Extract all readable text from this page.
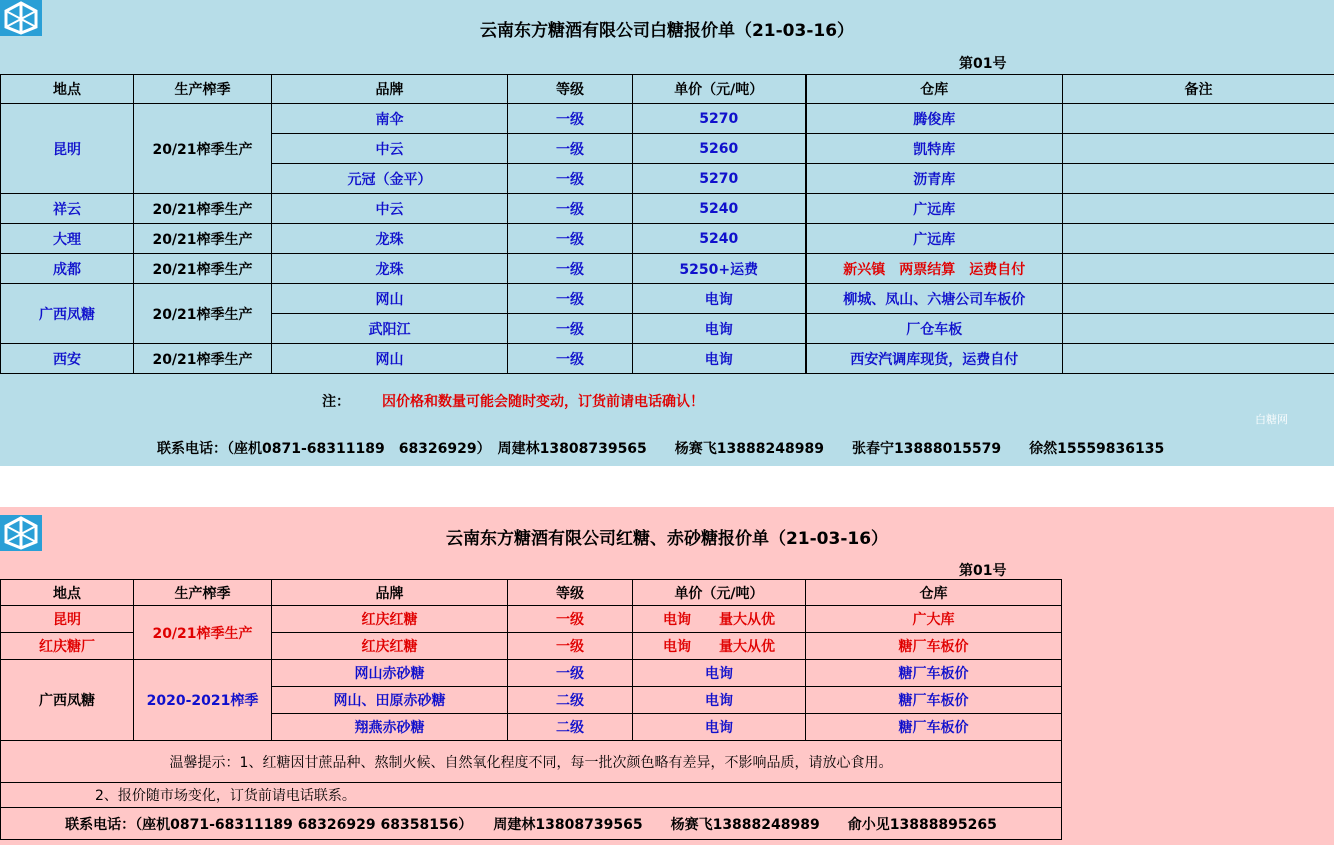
云南东方糖酒有限公司白糖报价单（21-03-16）
第01号
地点	生产榨季	品牌	等级	单价（元/吨）	仓库	备注
昆明	20/21榨季生产	南伞	一级	5270	腾俊库	
		中云	一级	5260	凯特库	
		元冠（金平）	一级	5270	沥青库	
祥云	20/21榨季生产	中云	一级	5240	广远库	
大理	20/21榨季生产	龙珠	一级	5240	广远库	
成都	20/21榨季生产	龙珠	一级	5250+运费	新兴镇　两票结算　运费自付	
广西凤糖	20/21榨季生产	网山	一级	电询	柳城、凤山、六塘公司车板价	
		武阳江	一级	电询	厂仓车板	
西安	20/21榨季生产	网山	一级	电询	西安汽调库现货，运费自付	
注： 因价格和数量可能会随时变动，订货前请电话确认！
白糖网
联系电话：（座机0871-68311189　68326929）　周建林13808739565　　杨赛飞13888248989　　张春宁13888015579　　徐然15559836135
云南东方糖酒有限公司红糖、赤砂糖报价单（21-03-16）
第01号
地点	生产榨季	品牌	等级	单价（元/吨）	仓库
昆明	20/21榨季生产	红庆红糖	一级	电询　　量大从优	广大库
红庆糖厂		红庆红糖	一级	电询　　量大从优	糖厂车板价
广西凤糖	2020-2021榨季	网山赤砂糖	一级	电询	糖厂车板价
		网山、田原赤砂糖	二级	电询	糖厂车板价
		翔燕赤砂糖	二级	电询	糖厂车板价
温馨提示：1、红糖因甘蔗品种、熬制火候、自然氧化程度不同，每一批次颜色略有差异，不影响品质，请放心食用。					
2、报价随市场变化，订货前请电话联系。					
联系电话：（座机0871-68311189 68326929 68358156）　　周建林13808739565　　杨赛飞13888248989　　俞小见13888895265					
